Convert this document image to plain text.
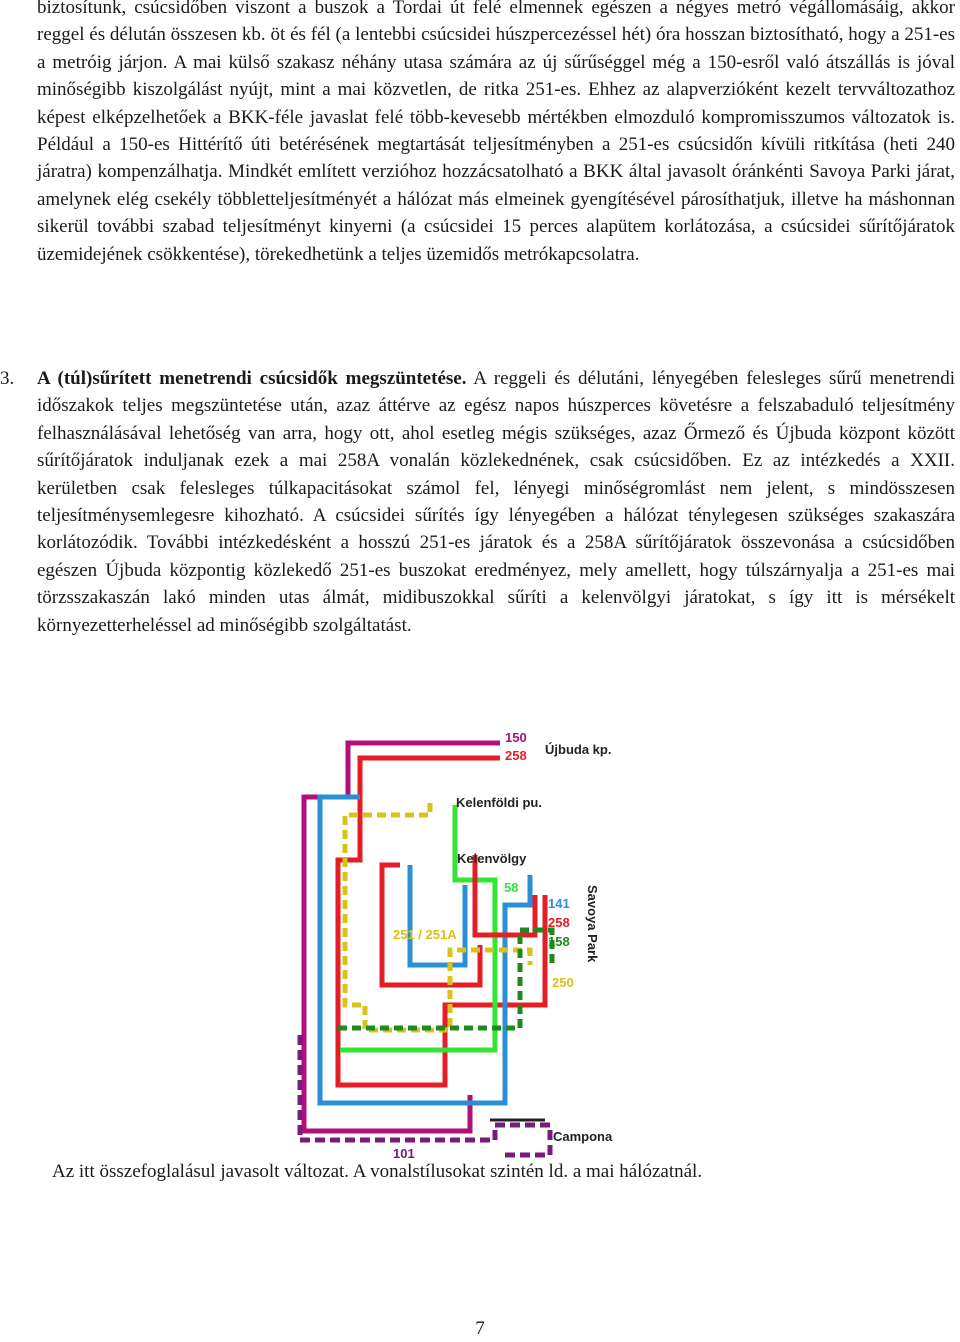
biztosítunk, csúcsidőben viszont a buszok a Tordai út felé elmennek egészen a négyes metró végállomásáig, akkor reggel és délután összesen kb. öt és fél (a lentebbi csúcsidei húszpercezéssel hét) óra hosszan biztosítható, hogy a 251-es a metróig járjon. A mai külső szakasz néhány utasa számára az új sűrűséggel még a 150-esről való átszállás is jóval minőségibb kiszolgálást nyújt, mint a mai közvetlen, de ritka 251-es. Ehhez az alapverzióként kezelt tervváltozathoz képest elképzelhetőek a BKK-féle javaslat felé több-kevesebb mértékben elmozduló kompromisszumos változatok is. Például a 150-es Hittérítő úti betérésének megtartását teljesítményben a 251-es csúcsidőn kívüli ritkítása (heti 240 járatra) kompenzálhatja. Mindkét említett verzióhoz hozzácsatolható a BKK által javasolt óránkénti Savoya Parki járat, amelynek elég csekély többletteljesítményét a hálózat más elmeinek gyengítésével párosíthatjuk, illetve ha máshonnan sikerül további szabad teljesítményt kinyerni (a csúcsidei 15 perces alapütem korlátozása, a csúcsidei sűrítőjáratok üzemidejének csökkentése), törekedhetünk a teljes üzemidős metrókapcsolatra.

3.	A (túl)sűrített menetrendi csúcsidők megszüntetése. A reggeli és délutáni, lényegében felesleges sűrű menetrendi időszakok teljes megszüntetése után, azaz áttérve az egész napos húszperces követésre a felszabaduló teljesítmény felhasználásával lehetőség van arra, hogy ott, ahol esetleg mégis szükséges, azaz Őrmező és Újbuda központ között sűrítőjáratok induljanak ezek a mai 258A vonalán közlekednének, csak csúcsidőben. Ez az intézkedés a XXII. kerületben csak felesleges túlkapacitásokat számol fel, lényegi minőségromlást nem jelent, s mindösszesen teljesítménysemlegesre kihozható. A csúcsidei sűrítés így lényegében a hálózat ténylegesen szükséges szakaszára korlátozódik. További intézkedésként a hosszú 251-es járatok és a 258A sűrítőjáratok összevonása a csúcsidőben egészen Újbuda központig közlekedő 251-es buszokat eredményez, mely amellett, hogy túlszárnyalja a 251-es mai törzsszakaszán lakó minden utas álmát, midibuszokkal sűríti a kelenvölgyi járatokat, s így itt is mérsékelt környezetterheléssel ad minőségibb szolgáltatást.

150
258 Újbuda kp.
Kelenföldi pu.
Kelenvölgy
58
141
258
158
251 / 251A
250
Savoya Park
Campona
101
Az itt összefoglalásul javasolt változat. A vonalstílusokat szintén ld. a mai hálózatnál.
7
